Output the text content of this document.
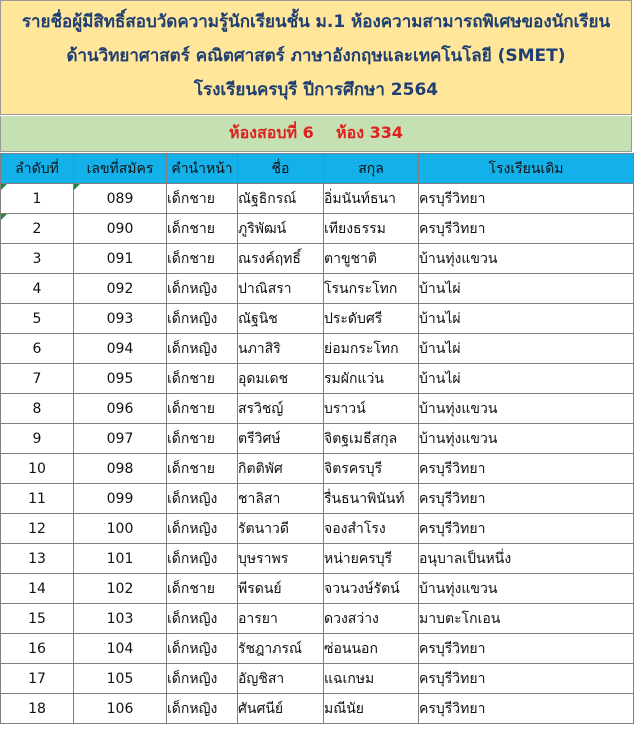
รายชื่อผู้มีสิทธิ์สอบวัดความรู้นักเรียนชั้น ม.1 ห้องความสามารถพิเศษของนักเรียน
ด้านวิทยาศาสตร์ คณิตศาสตร์ ภาษาอังกฤษและเทคโนโลยี (SMET)
โรงเรียนครบุรี ปีการศึกษา 2564
ห้องสอบที่ 6    ห้อง 334
ลำดับที่	เลขที่สมัคร	คำนำหน้า	ชื่อ	สกุล	โรงเรียนเดิม
1	089	เด็กชาย	ณัฐธิกรณ์	อิ่มนันท์ธนา	ครบุรีวิทยา
2	090	เด็กชาย	ภูริพัฒน์	เทียงธรรม	ครบุรีวิทยา
3	091	เด็กชาย	ณรงค์ฤทธิ์	ตาขูชาติ	บ้านทุ่งแขวน
4	092	เด็กหญิง	ปาณิสรา	โรนกระโทก	บ้านไผ่
5	093	เด็กหญิง	ณัฐนิช	ประดับศรี	บ้านไผ่
6	094	เด็กหญิง	นภาสิริ	ย่อมกระโทก	บ้านไผ่
7	095	เด็กชาย	อุดมเดช	รมผักแว่น	บ้านไผ่
8	096	เด็กชาย	สรวิชญ์	บราวน์	บ้านทุ่งแขวน
9	097	เด็กชาย	ตรีวิศษ์	จิตฐเมธีสกุล	บ้านทุ่งแขวน
10	098	เด็กชาย	กิตติพัศ	จิตรครบุรี	ครบุรีวิทยา
11	099	เด็กหญิง	ชาลิสา	รื่นธนาพินันท์	ครบุรีวิทยา
12	100	เด็กหญิง	รัตนาวดี	จองสำโรง	ครบุรีวิทยา
13	101	เด็กหญิง	บุษราพร	หน่ายครบุรี	อนุบาลเป็นหนึ่ง
14	102	เด็กชาย	พีรดนย์	จวนวงษ์รัตน์	บ้านทุ่งแขวน
15	103	เด็กหญิง	อารยา	ดวงสว่าง	มาบตะโกเอน
16	104	เด็กหญิง	รัชฎาภรณ์	ซ่อนนอก	ครบุรีวิทยา
17	105	เด็กหญิง	อัญชิสา	แฉเกษม	ครบุรีวิทยา
18	106	เด็กหญิง	ศันศนีย์	มณีนัย	ครบุรีวิทยา
